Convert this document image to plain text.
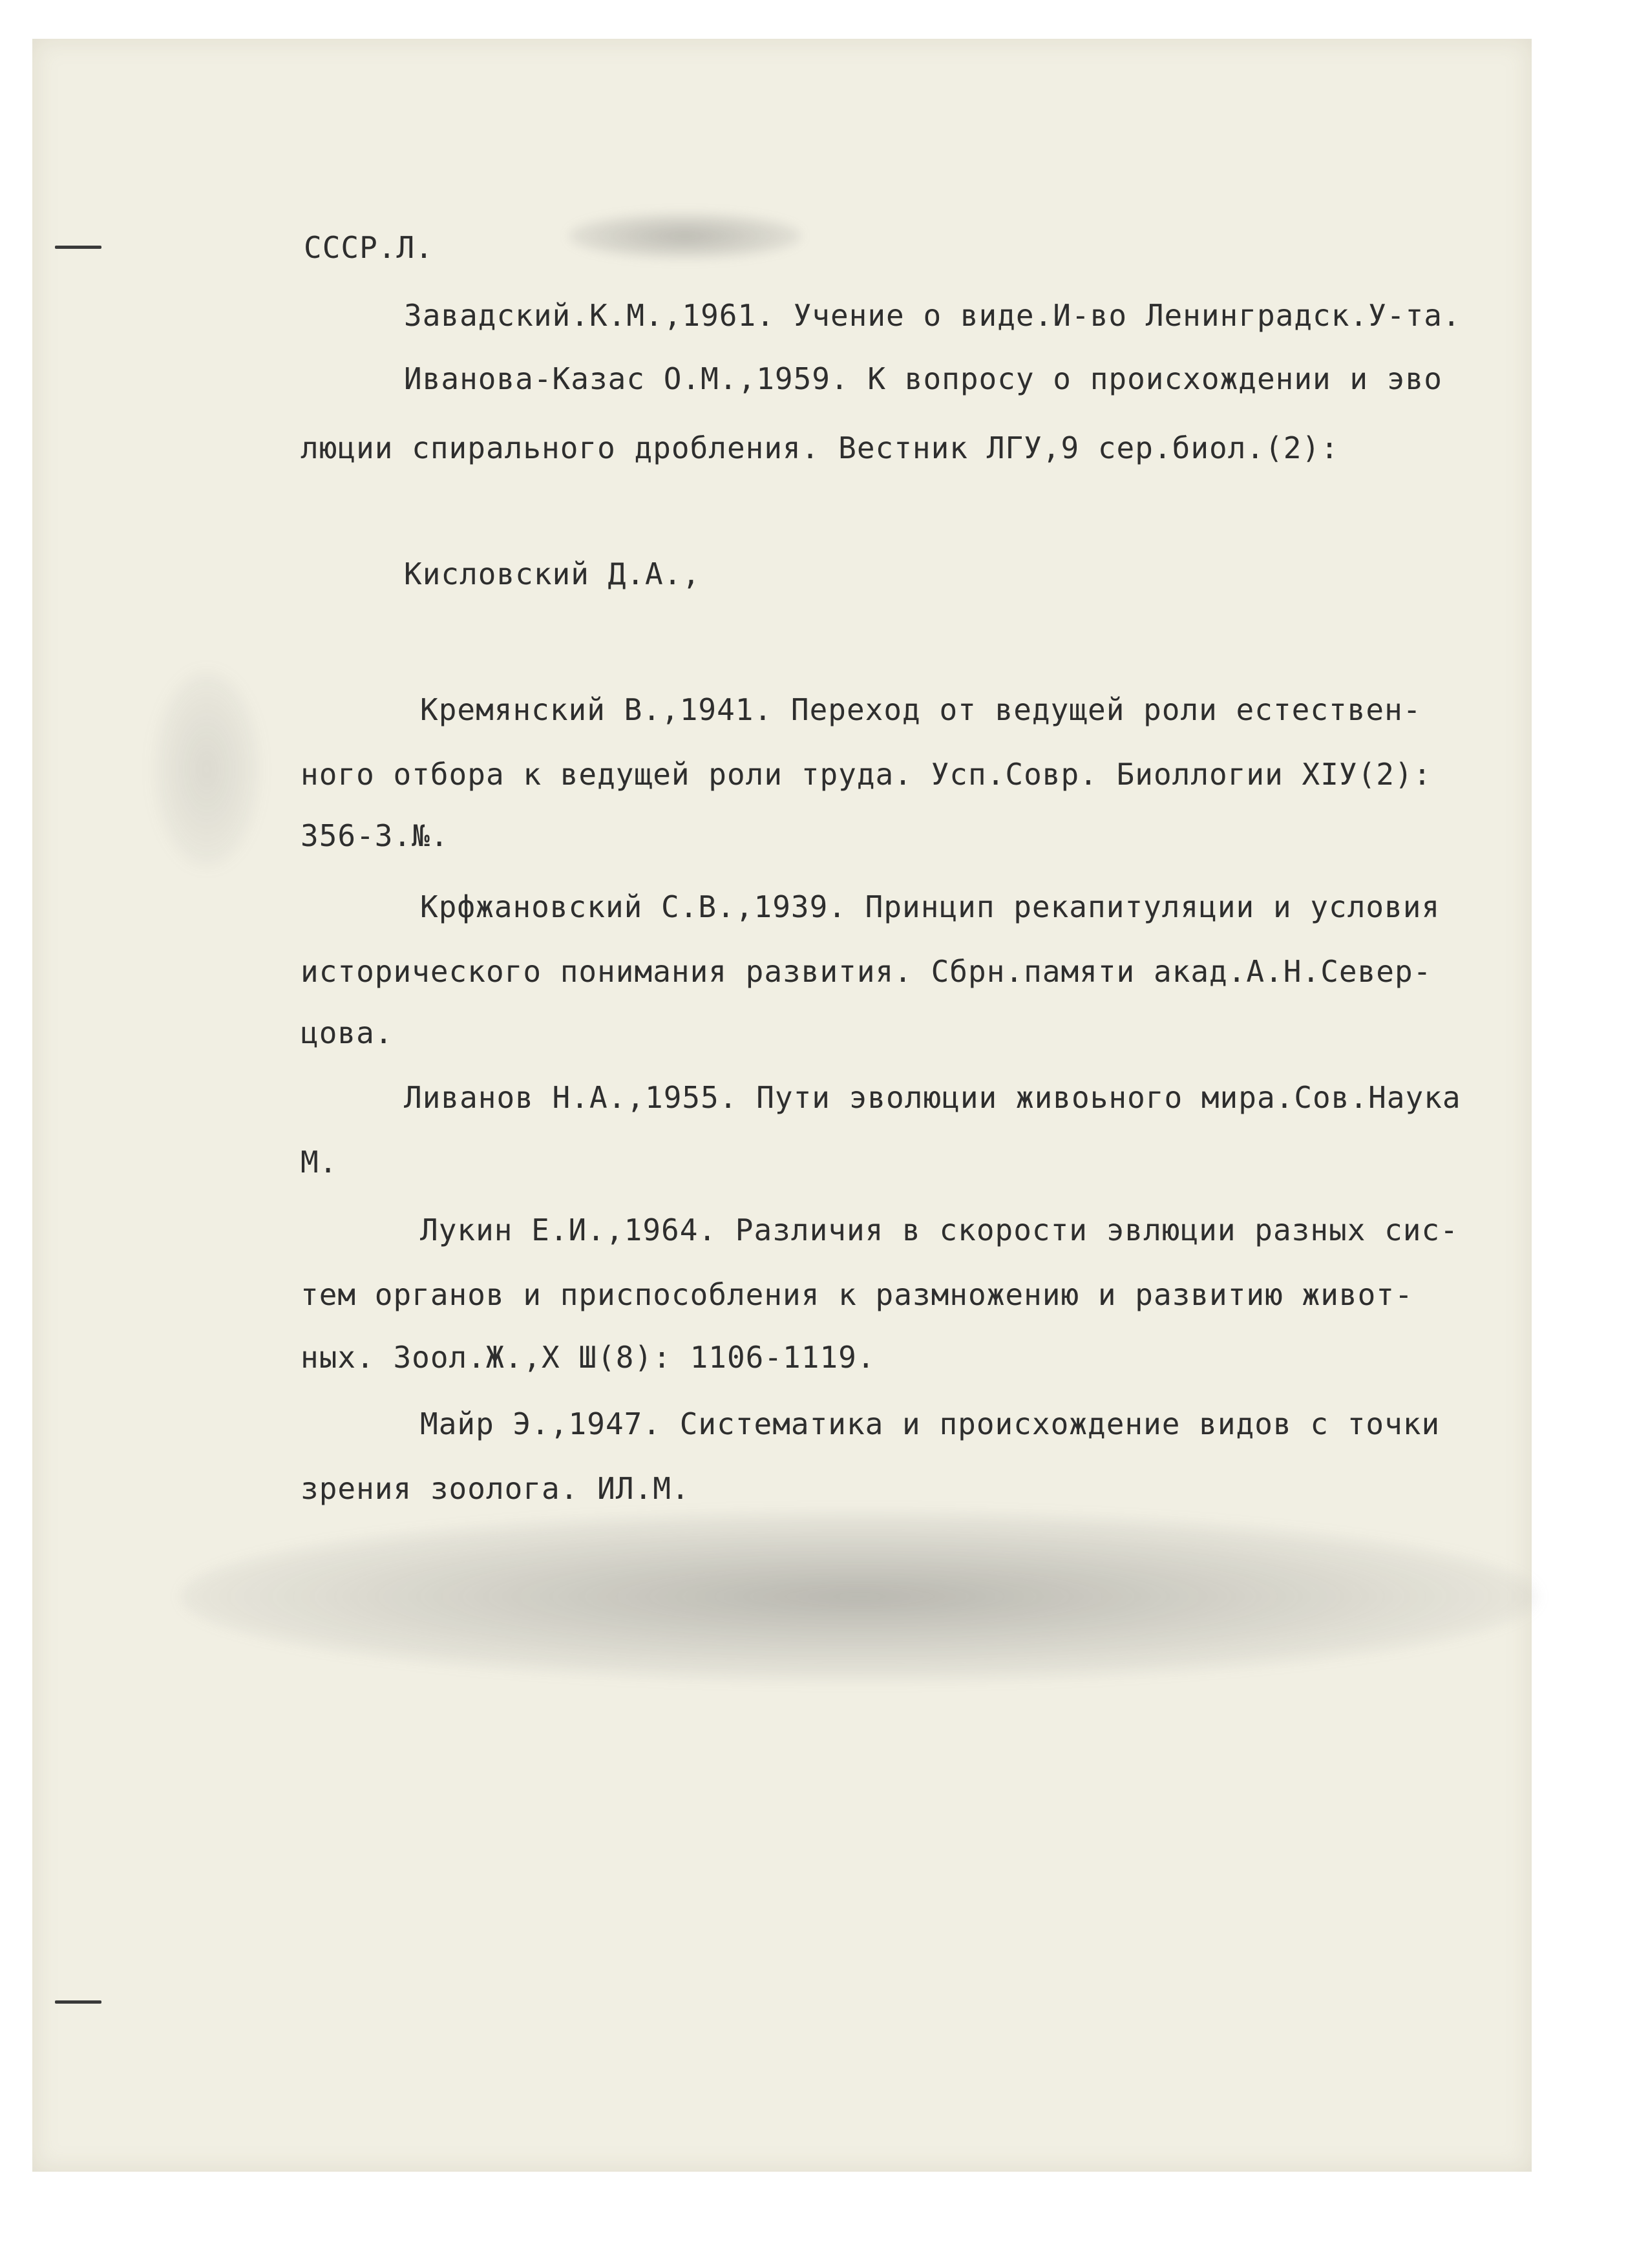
СССР.Л.
Завадский.К.М.,1961. Учение о виде.И-во Ленинградск.У-та.
Иванова-Казас О.М.,1959. К вопросу о происхождении и эво
люции спирального дробления. Вестник ЛГУ,9 сер.биол.(2):
Кисловский Д.А.,
Кремянский В.,1941. Переход от ведущей роли естествен-
ного отбора к ведущей роли труда. Усп.Совр. Биоллогии XIУ(2):
356-3.№.
Крфжановский С.В.,1939. Принцип рекапитуляции и условия
исторического понимания развития. Сбрн.памяти акад.А.Н.Север-
цова.
Ливанов Н.А.,1955. Пути эволюции живоьного мира.Сов.Наука
М.
Лукин Е.И.,1964. Различия в скорости эвлюции разных сис-
тем органов и приспособления к размножению и развитию живот-
ных. Зоол.Ж.,Х Ш(8): 1106-1119.
Майр Э.,1947. Систематика и происхождение видов с точки
зрения зоолога. ИЛ.М.
